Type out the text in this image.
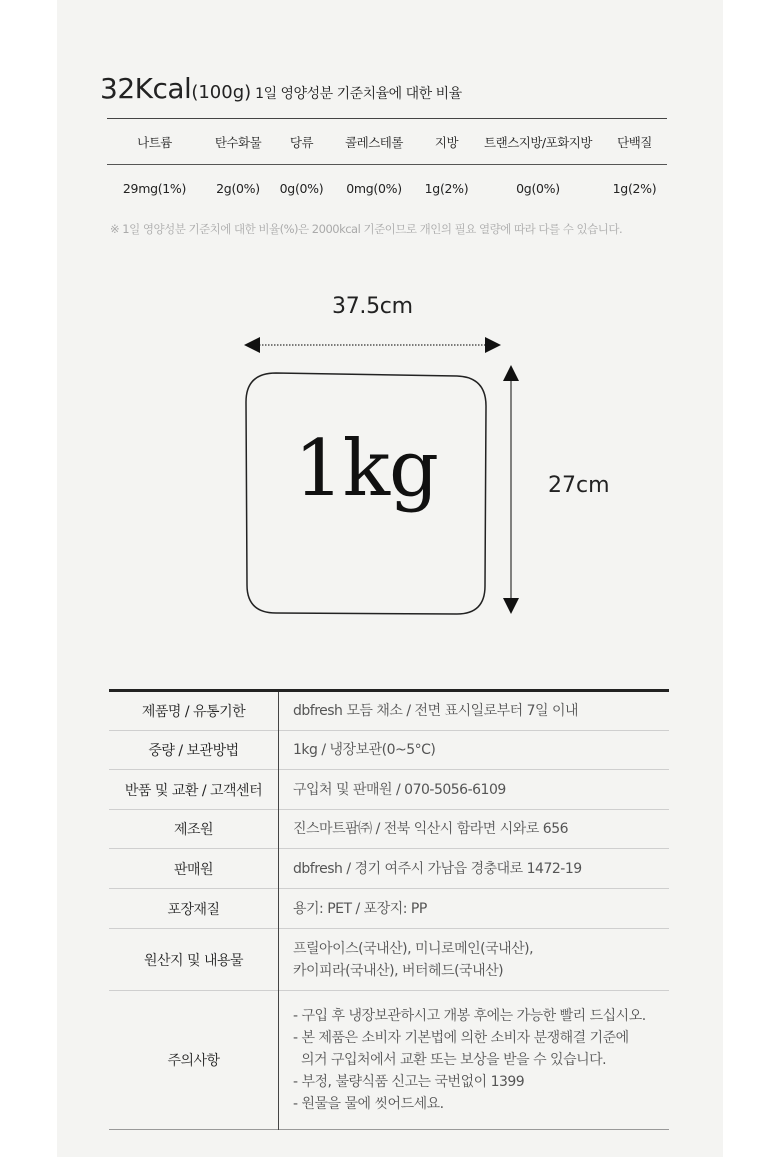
32Kcal(100g) 1일 영양성분 기준치율에 대한 비율
나트륨	탄수화물	당류	콜레스테롤	지방	트랜스지방/포화지방	단백질
29mg(1%)	2g(0%)	0g(0%)	0mg(0%)	1g(2%)	0g(0%)	1g(2%)
※ 1일 영양성분 기준치에 대한 비율(%)은 2000kcal 기준이므로 개인의 필요 열량에 따라 다를 수 있습니다.
37.5cm
27cm
1kg
제품명 / 유통기한	dbfresh 모듬 채소 / 전면 표시일로부터 7일 이내
중량 / 보관방법	1kg / 냉장보관(0~5°C)
반품 및 교환 / 고객센터	구입처 및 판매원 / 070-5056-6109
제조원	진스마트팜㈜ / 전북 익산시 함라면 시와로 656
판매원	dbfresh / 경기 여주시 가남읍 경충대로 1472-19
포장재질	용기: PET / 포장지: PP
원산지 및 내용물	프릴아이스(국내산), 미니로메인(국내산),
카이피라(국내산), 버터헤드(국내산)

주의사항	- 구입 후 냉장보관하시고 개봉 후에는 가능한 빨리 드십시오.
- 본 제품은 소비자 기본법에 의한 소비자 분쟁해결 기준에
의거 구입처에서 교환 또는 보상을 받을 수 있습니다.
- 부정, 불량식품 신고는 국번없이 1399
- 원물을 물에 씻어드세요.
